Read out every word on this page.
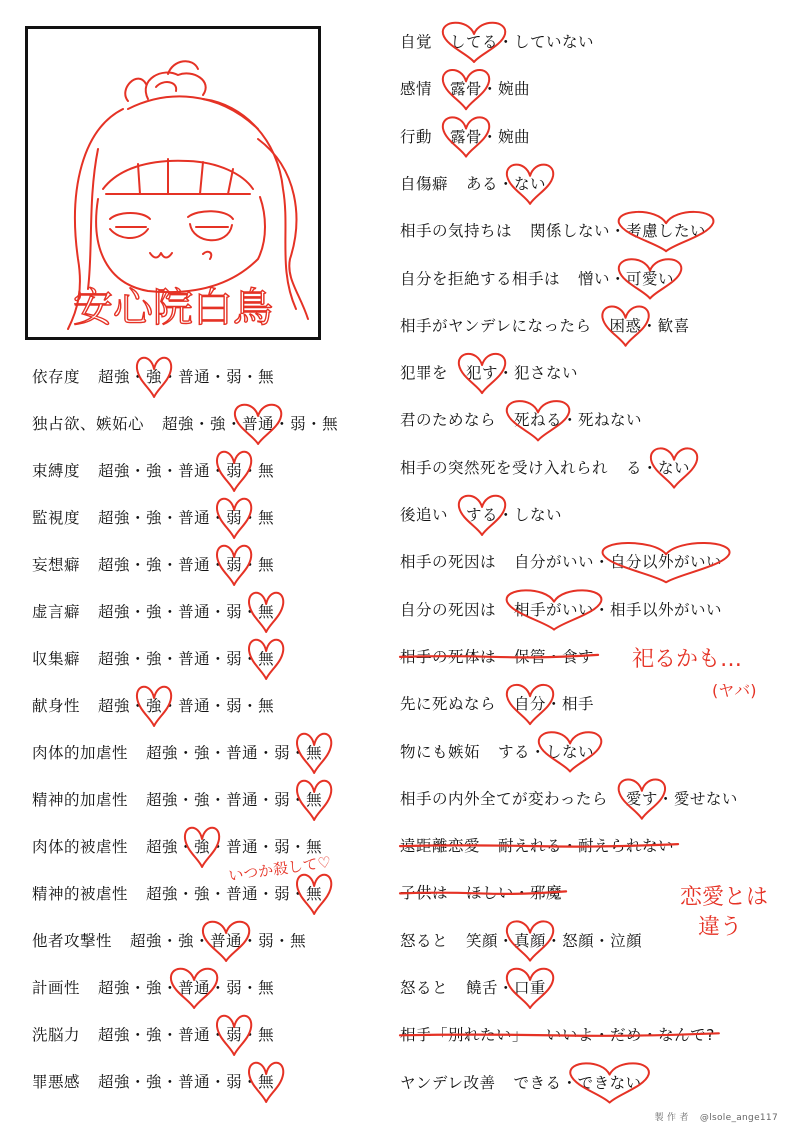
安心院白鳥
依存度 超強・強・普通・弱・無
独占欲、嫉妬心 超強・強・普通・弱・無
束縛度 超強・強・普通・弱・無
監視度 超強・強・普通・弱・無
妄想癖 超強・強・普通・弱・無
虚言癖 超強・強・普通・弱・無
収集癖 超強・強・普通・弱・無
献身性 超強・強・普通・弱・無
肉体的加虐性 超強・強・普通・弱・無
精神的加虐性 超強・強・普通・弱・無
肉体的被虐性 超強・強・普通・弱・無
精神的被虐性 超強・強・普通・弱・無
他者攻撃性 超強・強・普通・弱・無
計画性 超強・強・普通・弱・無
洗脳力 超強・強・普通・弱・無
罪悪感 超強・強・普通・弱・無
自覚 してる・していない
感情 露骨・婉曲
行動 露骨・婉曲
自傷癖 ある・ない
相手の気持ちは 関係しない・考慮したい
自分を拒絶する相手は 憎い・可愛い
相手がヤンデレになったら 困惑・歓喜
犯罪を 犯す・犯さない
君のためなら 死ねる・死ねない
相手の突然死を受け入れられ る・ない
後追い する・しない
相手の死因は 自分がいい・自分以外がいい
自分の死因は 相手がいい・相手以外がいい
相手の死体は 保管・食す
先に死ぬなら 自分・相手
物にも嫉妬 する・しない
相手の内外全てが変わったら 愛す・愛せない
遠距離恋愛 耐えれる・耐えられない
子供は ほしい・邪魔
怒ると 笑顔・真顔・怒顔・泣顔
怒ると 饒舌・口重
相手「別れたい」 いいよ・だめ・なんで?
ヤンデレ改善 できる・できない
祀るかも…
(ヤバ)
いつか殺して♡
恋愛とは
違う
製 作 者 @lsole_ange117
